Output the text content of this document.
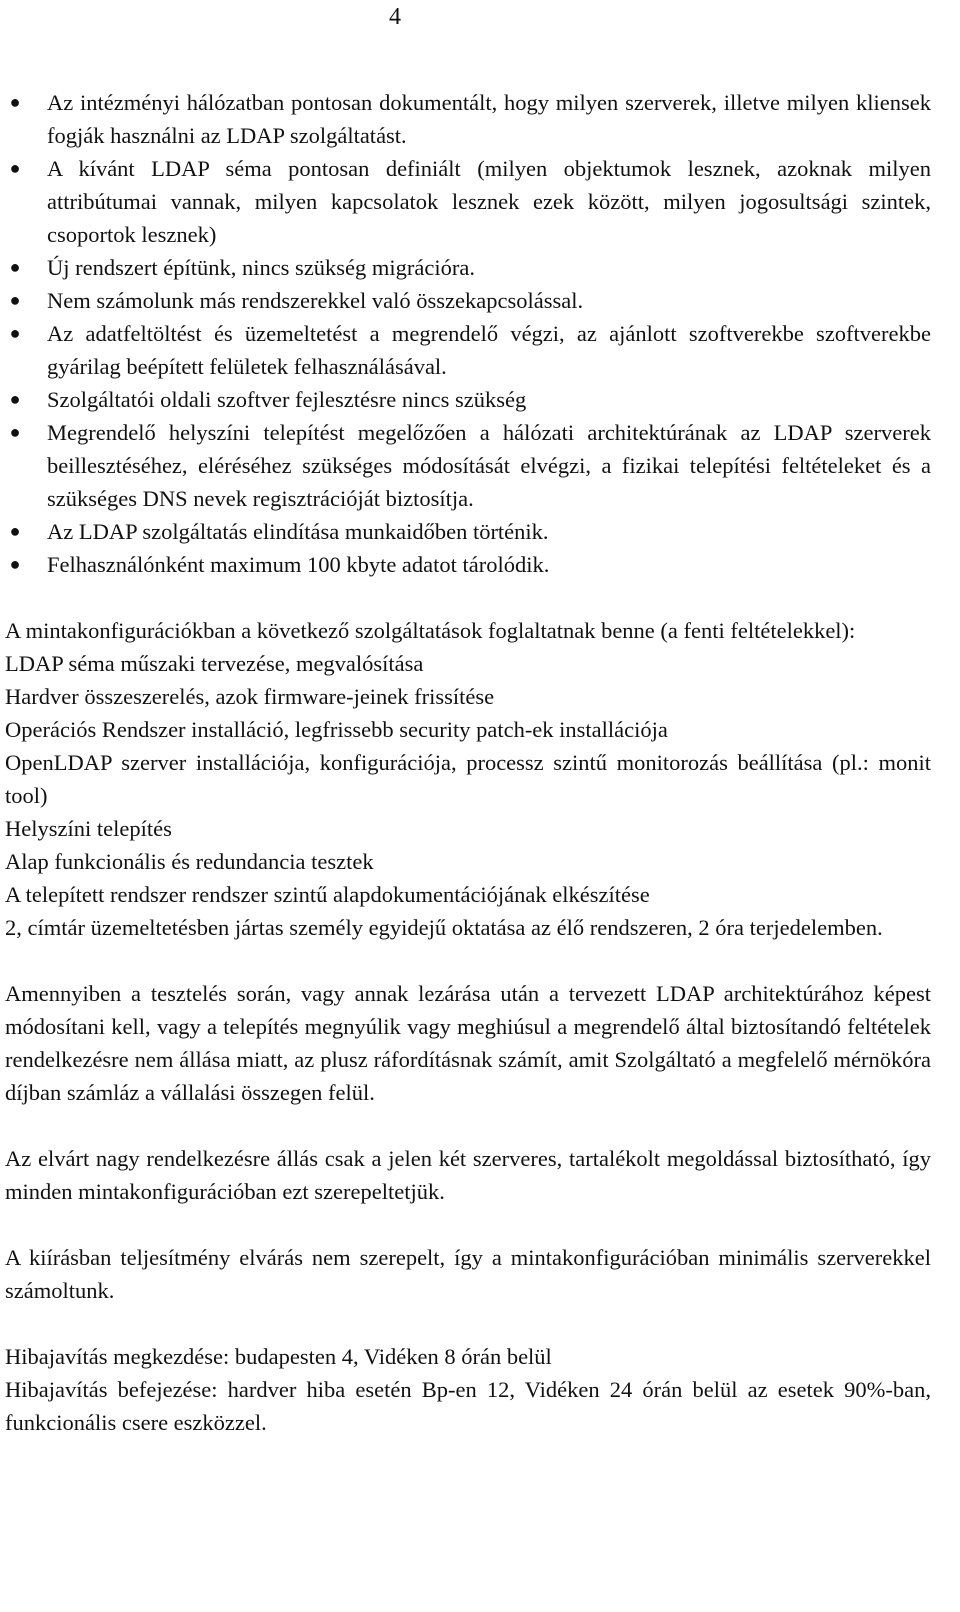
4
● Az intézményi hálózatban pontosan dokumentált, hogy milyen szerverek, illetve milyen kliensek fogják használni az LDAP szolgáltatást.
● A kívánt LDAP séma pontosan definiált (milyen objektumok lesznek, azoknak milyen attribútumai vannak, milyen kapcsolatok lesznek ezek között, milyen jogosultsági szintek, csoportok lesznek)
● Új rendszert építünk, nincs szükség migrációra.
● Nem számolunk más rendszerekkel való összekapcsolással.
● Az adatfeltöltést és üzemeltetést a megrendelő végzi, az ajánlott szoftverekbe szoftverekbe gyárilag beépített felületek felhasználásával.
● Szolgáltatói oldali szoftver fejlesztésre nincs szükség
● Megrendelő helyszíni telepítést megelőzően a hálózati architektúrának az LDAP szerverek beillesztéséhez, eléréséhez szükséges módosítását elvégzi, a fizikai telepítési feltételeket és a szükséges DNS nevek regisztrációját biztosítja.
● Az LDAP szolgáltatás elindítása munkaidőben történik.
● Felhasználónként maximum 100 kbyte adatot tárolódik.

A mintakonfigurációkban a következő szolgáltatások foglaltatnak benne (a fenti feltételekkel):

LDAP séma műszaki tervezése, megvalósítása

Hardver összeszerelés, azok firmware-jeinek frissítése

Operációs Rendszer installáció, legfrissebb security patch-ek installációja

OpenLDAP szerver installációja, konfigurációja, processz szintű monitorozás beállítása (pl.: monit tool)

Helyszíni telepítés

Alap funkcionális és redundancia tesztek

A telepített rendszer rendszer szintű alapdokumentációjának elkészítése

2, címtár üzemeltetésben jártas személy egyidejű oktatása az élő rendszeren, 2 óra terjedelemben.

Amennyiben a tesztelés során, vagy annak lezárása után a tervezett LDAP architektúrához képest módosítani kell, vagy a telepítés megnyúlik vagy meghiúsul a megrendelő által biztosítandó feltételek rendelkezésre nem állása miatt, az plusz ráfordításnak számít, amit Szolgáltató a megfelelő mérnökóra díjban számláz a vállalási összegen felül.

Az elvárt nagy rendelkezésre állás csak a jelen két szerveres, tartalékolt megoldással biztosítható, így minden mintakonfigurációban ezt szerepeltetjük.

A kiírásban teljesítmény elvárás nem szerepelt, így a mintakonfigurációban minimális szerverekkel számoltunk.

Hibajavítás megkezdése: budapesten 4, Vidéken 8 órán belül

Hibajavítás befejezése: hardver hiba esetén Bp-en 12, Vidéken 24 órán belül az esetek 90%-ban, funkcionális csere eszközzel.
